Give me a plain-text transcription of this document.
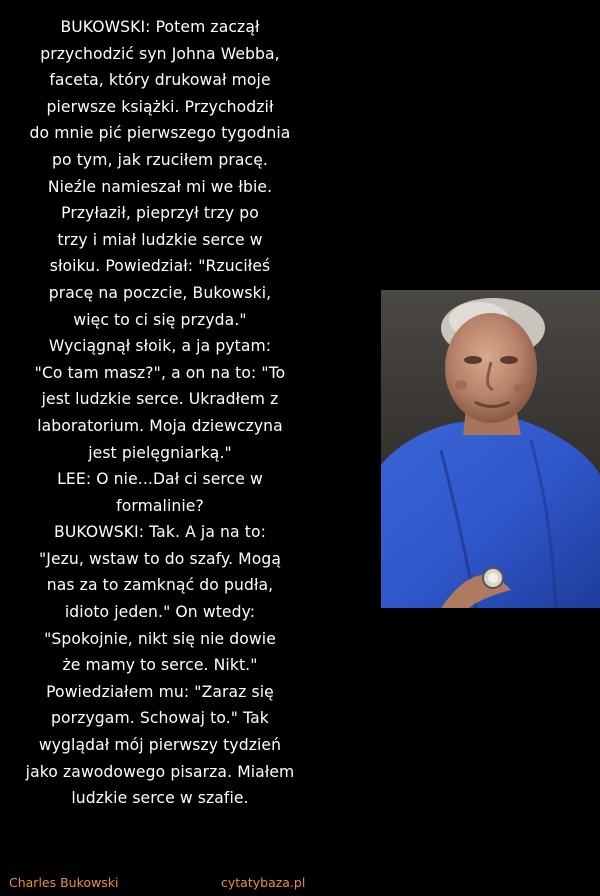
BUKOWSKI: Potem zaczął
przychodzić syn Johna Webba,
faceta, który drukował moje
pierwsze książki. Przychodził
do mnie pić pierwszego tygodnia
po tym, jak rzuciłem pracę.
Nieźle namieszał mi we łbie.
Przyłaził, pieprzył trzy po
trzy i miał ludzkie serce w
słoiku. Powiedział: "Rzuciłeś
pracę na poczcie, Bukowski,
więc to ci się przyda."
Wyciągnął słoik, a ja pytam:
"Co tam masz?", a on na to: "To
jest ludzkie serce. Ukradłem z
laboratorium. Moja dziewczyna
jest pielęgniarką."
LEE: O nie...Dał ci serce w
formalinie?
BUKOWSKI: Tak. A ja na to:
"Jezu, wstaw to do szafy. Mogą
nas za to zamknąć do pudła,
idioto jeden." On wtedy:
"Spokojnie, nikt się nie dowie
że mamy to serce. Nikt."
Powiedziałem mu: "Zaraz się
porzygam. Schowaj to." Tak
wyglądał mój pierwszy tydzień
jako zawodowego pisarza. Miałem
ludzkie serce w szafie.
Charles Bukowski	cytatybaza.pl
